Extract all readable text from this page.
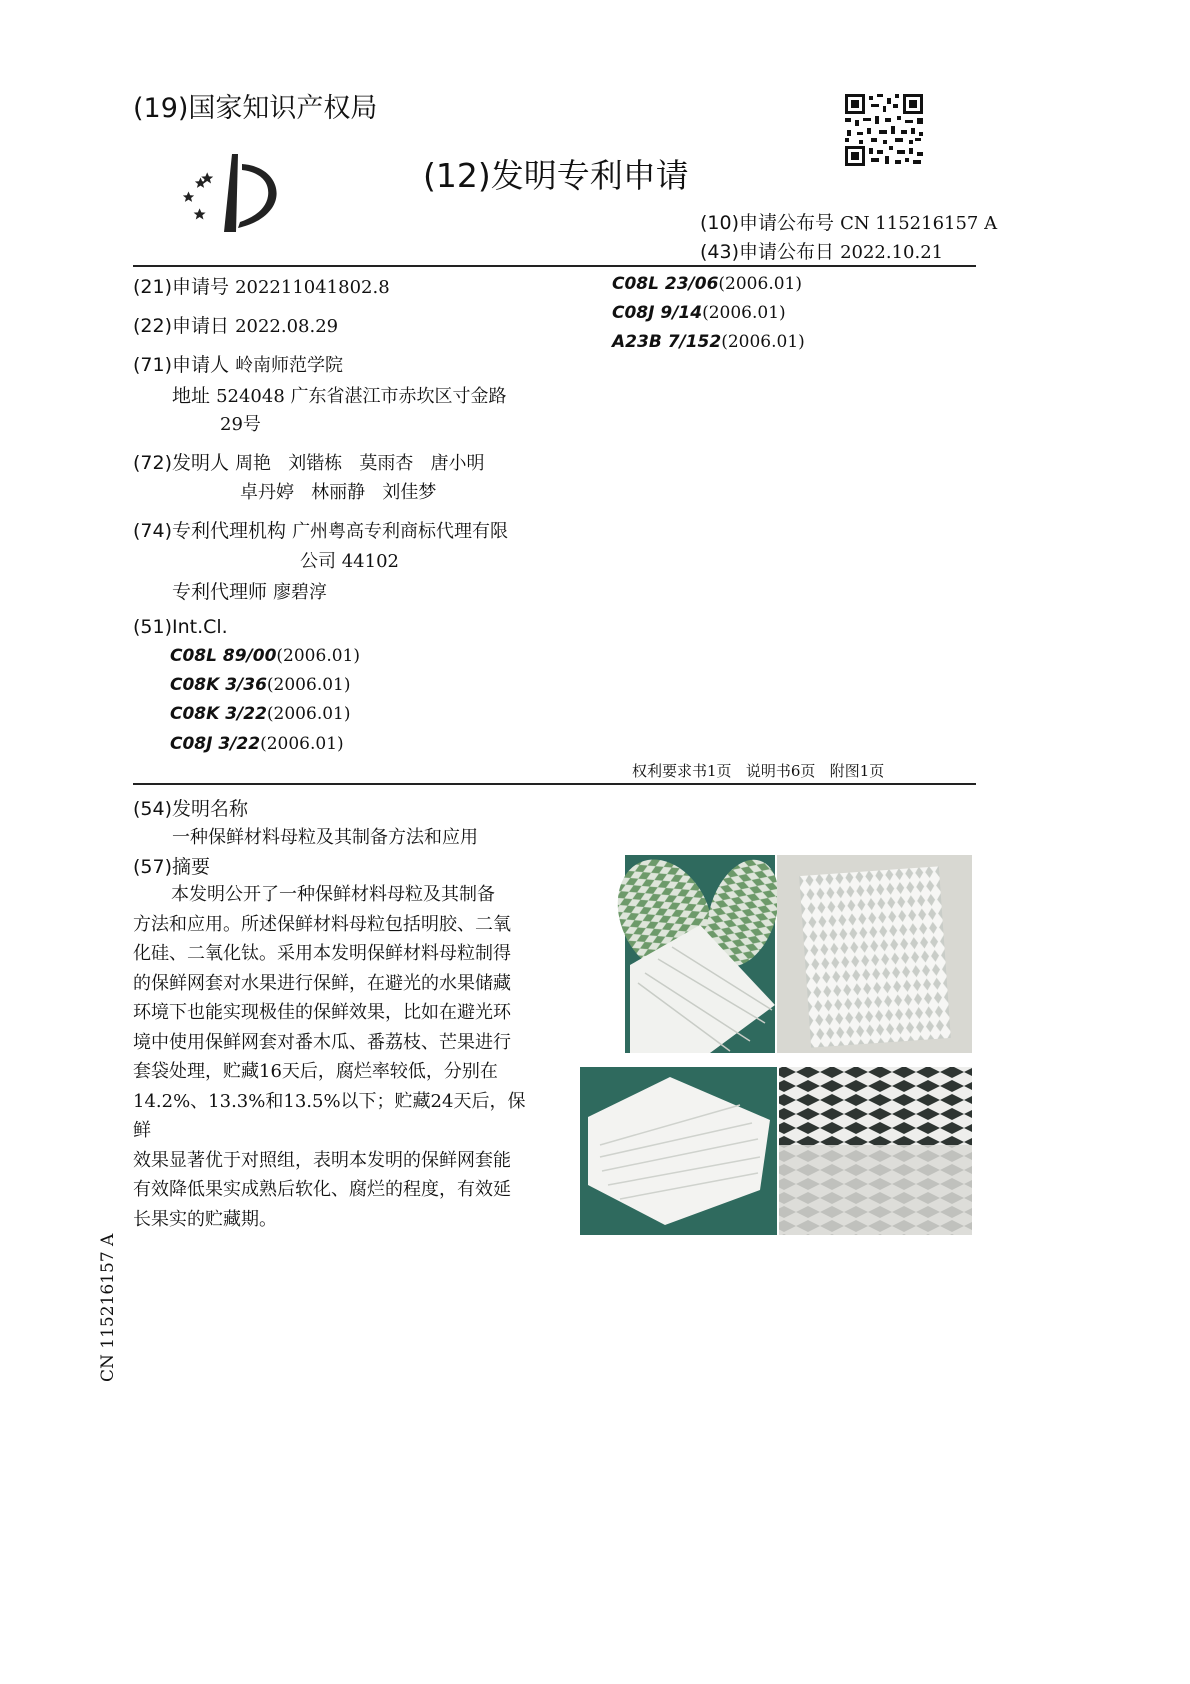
(19)国家知识产权局
(12)发明专利申请
(10)申请公布号 CN 115216157 A
(43)申请公布日 2022.10.21
(21)申请号 202211041802.8
(22)申请日 2022.08.29
(71)申请人 岭南师范学院
地址 524048 广东省湛江市赤坎区寸金路
29号
(72)发明人 周艳   刘锴栋   莫雨杏   唐小明
卓丹婷   林丽静   刘佳梦
(74)专利代理机构 广州粤高专利商标代理有限
公司 44102
专利代理师 廖碧淳
(51)Int.Cl.
C08L 89/00(2006.01)
C08K 3/36(2006.01)
C08K 3/22(2006.01)
C08J 3/22(2006.01)
C08L 23/06(2006.01)
C08J 9/14(2006.01)
A23B 7/152(2006.01)
权利要求书1页   说明书6页   附图1页
(54)发明名称
一种保鲜材料母粒及其制备方法和应用
(57)摘要

本发明公开了一种保鲜材料母粒及其制备

方法和应用。所述保鲜材料母粒包括明胶、二氧

化硅、二氧化钛。采用本发明保鲜材料母粒制得

的保鲜网套对水果进行保鲜，在避光的水果储藏

环境下也能实现极佳的保鲜效果，比如在避光环

境中使用保鲜网套对番木瓜、番荔枝、芒果进行

套袋处理，贮藏16天后，腐烂率较低，分别在

14.2%、13.3%和13.5%以下；贮藏24天后，保鲜

效果显著优于对照组，表明本发明的保鲜网套能

有效降低果实成熟后软化、腐烂的程度，有效延

长果实的贮藏期。

CN 115216157 A
